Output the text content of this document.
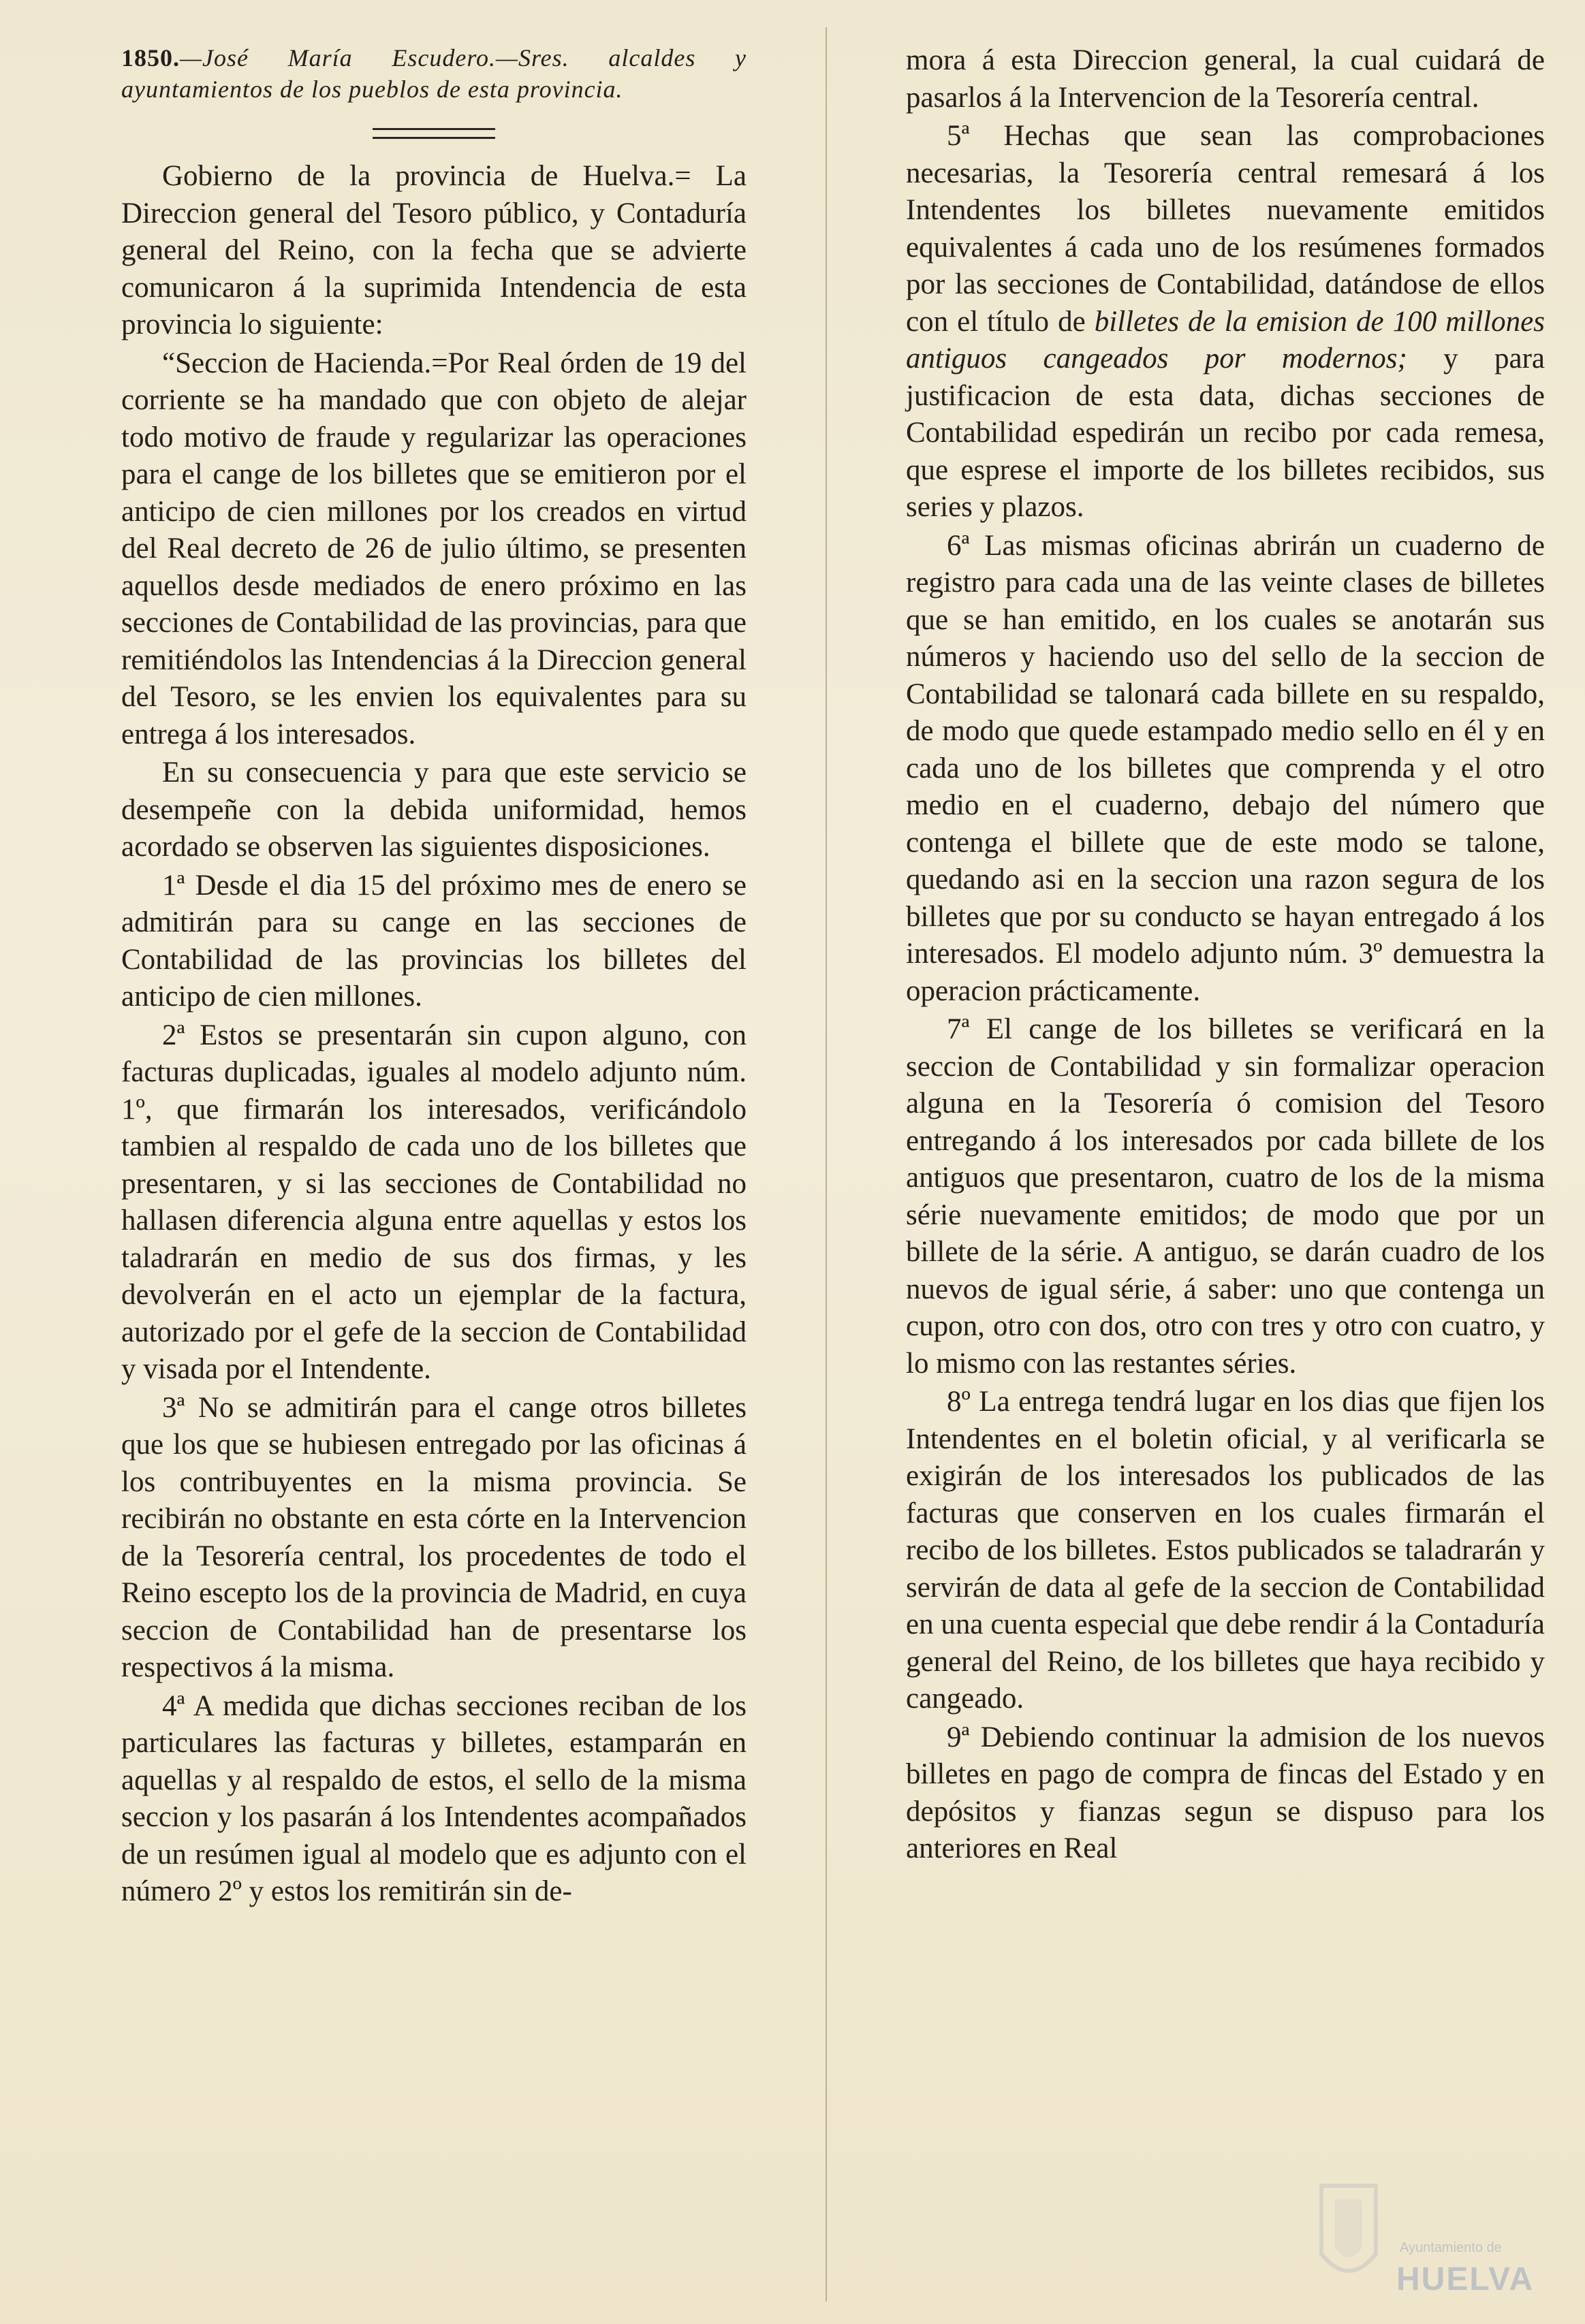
1850.—José María Escudero.—Sres. alcaldes y ayuntamientos de los pueblos de esta provincia.

Gobierno de la provincia de Huelva.= La Direccion general del Tesoro público, y Contaduría general del Reino, con la fecha que se advierte comunicaron á la suprimida Intendencia de esta provincia lo siguiente:

“Seccion de Hacienda.=Por Real órden de 19 del corriente se ha mandado que con objeto de alejar todo motivo de fraude y regularizar las operaciones para el cange de los billetes que se emitieron por el anticipo de cien millones por los creados en virtud del Real decreto de 26 de julio último, se presenten aquellos desde mediados de enero próximo en las secciones de Contabilidad de las provincias, para que remitiéndolos las Intendencias á la Direccion general del Tesoro, se les envien los equivalentes para su entrega á los interesados.

En su consecuencia y para que este servicio se desempeñe con la debida uniformidad, hemos acordado se observen las siguientes disposiciones.

1ª Desde el dia 15 del próximo mes de enero se admitirán para su cange en las secciones de Contabilidad de las provincias los billetes del anticipo de cien millones.

2ª Estos se presentarán sin cupon alguno, con facturas duplicadas, iguales al modelo adjunto núm. 1º, que firmarán los interesados, verificándolo tambien al respaldo de cada uno de los billetes que presentaren, y si las secciones de Contabilidad no hallasen diferencia alguna entre aquellas y estos los taladrarán en medio de sus dos firmas, y les devolverán en el acto un ejemplar de la factura, autorizado por el gefe de la seccion de Contabilidad y visada por el Intendente.

3ª No se admitirán para el cange otros billetes que los que se hubiesen entregado por las oficinas á los contribuyentes en la misma provincia. Se recibirán no obstante en esta córte en la Intervencion de la Tesorería central, los procedentes de todo el Reino escepto los de la provincia de Madrid, en cuya seccion de Contabilidad han de presentarse los respectivos á la misma.

4ª A medida que dichas secciones reciban de los particulares las facturas y billetes, estamparán en aquellas y al respaldo de estos, el sello de la misma seccion y los pasarán á los Intendentes acompañados de un resúmen igual al modelo que es adjunto con el número 2º y estos los remitirán sin de-

mora á esta Direccion general, la cual cuidará de pasarlos á la Intervencion de la Tesorería central.

5ª Hechas que sean las comprobaciones necesarias, la Tesorería central remesará á los Intendentes los billetes nuevamente emitidos equivalentes á cada uno de los resúmenes formados por las secciones de Contabilidad, datándose de ellos con el título de billetes de la emision de 100 millones antiguos cangeados por modernos; y para justificacion de esta data, dichas secciones de Contabilidad espedirán un recibo por cada remesa, que esprese el importe de los billetes recibidos, sus series y plazos.

6ª Las mismas oficinas abrirán un cuaderno de registro para cada una de las veinte clases de billetes que se han emitido, en los cuales se anotarán sus números y haciendo uso del sello de la seccion de Contabilidad se talonará cada billete en su respaldo, de modo que quede estampado medio sello en él y en cada uno de los billetes que comprenda y el otro medio en el cuaderno, debajo del número que contenga el billete que de este modo se talone, quedando asi en la seccion una razon segura de los billetes que por su conducto se hayan entregado á los interesados. El modelo adjunto núm. 3º demuestra la operacion prácticamente.

7ª El cange de los billetes se verificará en la seccion de Contabilidad y sin formalizar operacion alguna en la Tesorería ó comision del Tesoro entregando á los interesados por cada billete de los antiguos que presentaron, cuatro de los de la misma série nuevamente emitidos; de modo que por un billete de la série. A antiguo, se darán cuadro de los nuevos de igual série, á saber: uno que contenga un cupon, otro con dos, otro con tres y otro con cuatro, y lo mismo con las restantes séries.

8º La entrega tendrá lugar en los dias que fijen los Intendentes en el boletin oficial, y al verificarla se exigirán de los interesados los publicados de las facturas que conserven en los cuales firmarán el recibo de los billetes. Estos publicados se taladrarán y servirán de data al gefe de la seccion de Contabilidad en una cuenta especial que debe rendir á la Contaduría general del Reino, de los billetes que haya recibido y cangeado.

9ª Debiendo continuar la admision de los nuevos billetes en pago de compra de fincas del Estado y en depósitos y fianzas segun se dispuso para los anteriores en Real

Ayuntamiento de
HUELVA
